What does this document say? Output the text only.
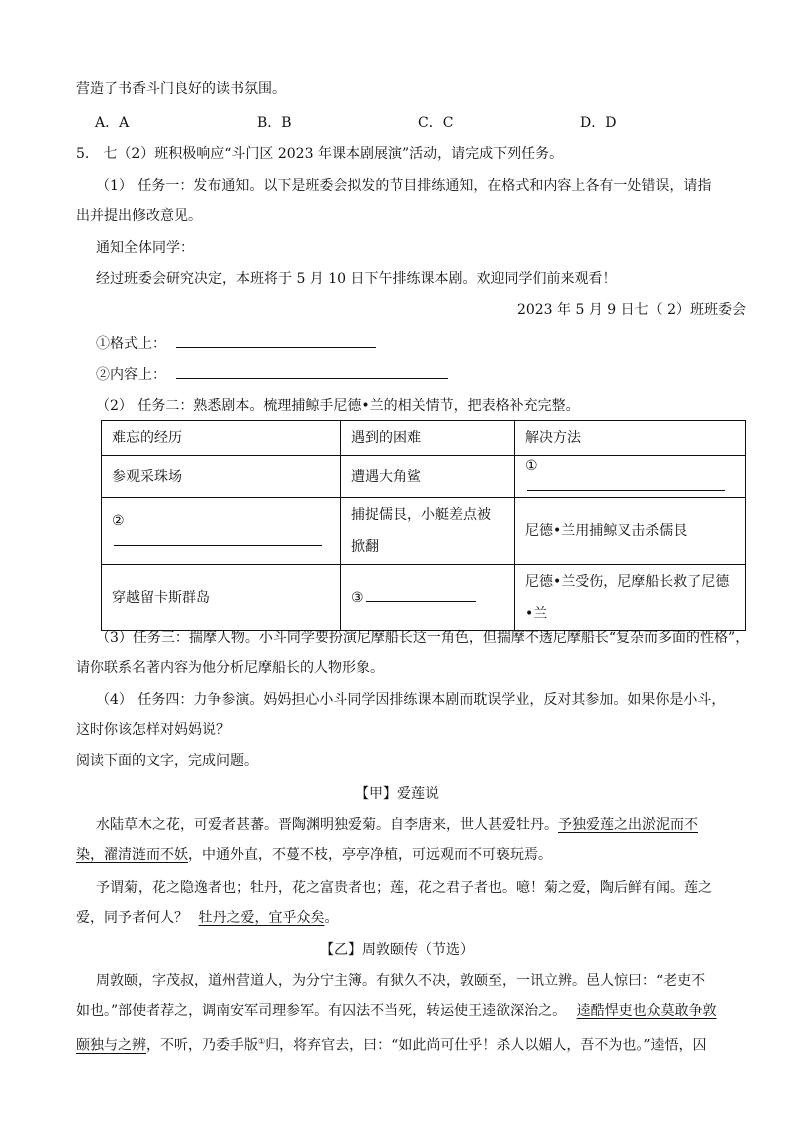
营造了书香斗门良好的读书氛围。
A．A	B．B	C．C	D．D
5.　七（2）班积极响应“斗门区 2023 年课本剧展演”活动，请完成下列任务。
（1） 任务一：发布通知。以下是班委会拟发的节目排练通知，在格式和内容上各有一处错误，请指
出并提出修改意见。
通知全体同学：
经过班委会研究决定，本班将于 5 月 10 日下午排练课本剧。欢迎同学们前来观看！
2023 年 5 月 9 日七（ 2）班班委会
①格式上：
②内容上：
（2） 任务二：熟悉剧本。梳理捕鲸手尼德•兰的相关情节，把表格补充完整。
难忘的经历	遇到的困难	解决方法
参观采珠场	遭遇大角鲨	①
②	捕捉儒艮，小艇差点被掀翻	尼德•兰用捕鲸叉击杀儒艮
穿越留卡斯群岛	③	尼德•兰受伤，尼摩船长救了尼德•兰
（3）任务三：揣摩人物。小斗同学要扮演尼摩船长这一角色，但揣摩不透尼摩船长“复杂而多面的性格”，
请你联系名著内容为他分析尼摩船长的人物形象。
（4） 任务四：力争参演。妈妈担心小斗同学因排练课本剧而耽误学业，反对其参加。如果你是小斗，
这时你该怎样对妈妈说？
阅读下面的文字，完成问题。
【甲】爱莲说
水陆草木之花，可爱者甚蕃。晋陶渊明独爱菊。自李唐来，世人甚爱牡丹。予独爱莲之出淤泥而不
染，濯清涟而不妖，中通外直，不蔓不枝，亭亭净植，可远观而不可亵玩焉。
予谓菊，花之隐逸者也；牡丹，花之富贵者也；莲，花之君子者也。噫！菊之爱，陶后鲜有闻。莲之
爱，同予者何人？ 牡丹之爱，宜乎众矣。
【乙】周敦颐传（节选）
周敦颐，字茂叔，道州营道人，为分宁主簿。有狱久不决，敦颐至，一讯立辨。邑人惊曰：“老吏不
如也。”部使者荐之，调南安军司理参军。有囚法不当死，转运使王逵欲深治之。 逵酷悍吏也众莫敢争敦
颐独与之辨，不听，乃委手版①归，将弃官去，曰：“如此尚可仕乎！杀人以媚人，吾不为也。”逵悟，囚
